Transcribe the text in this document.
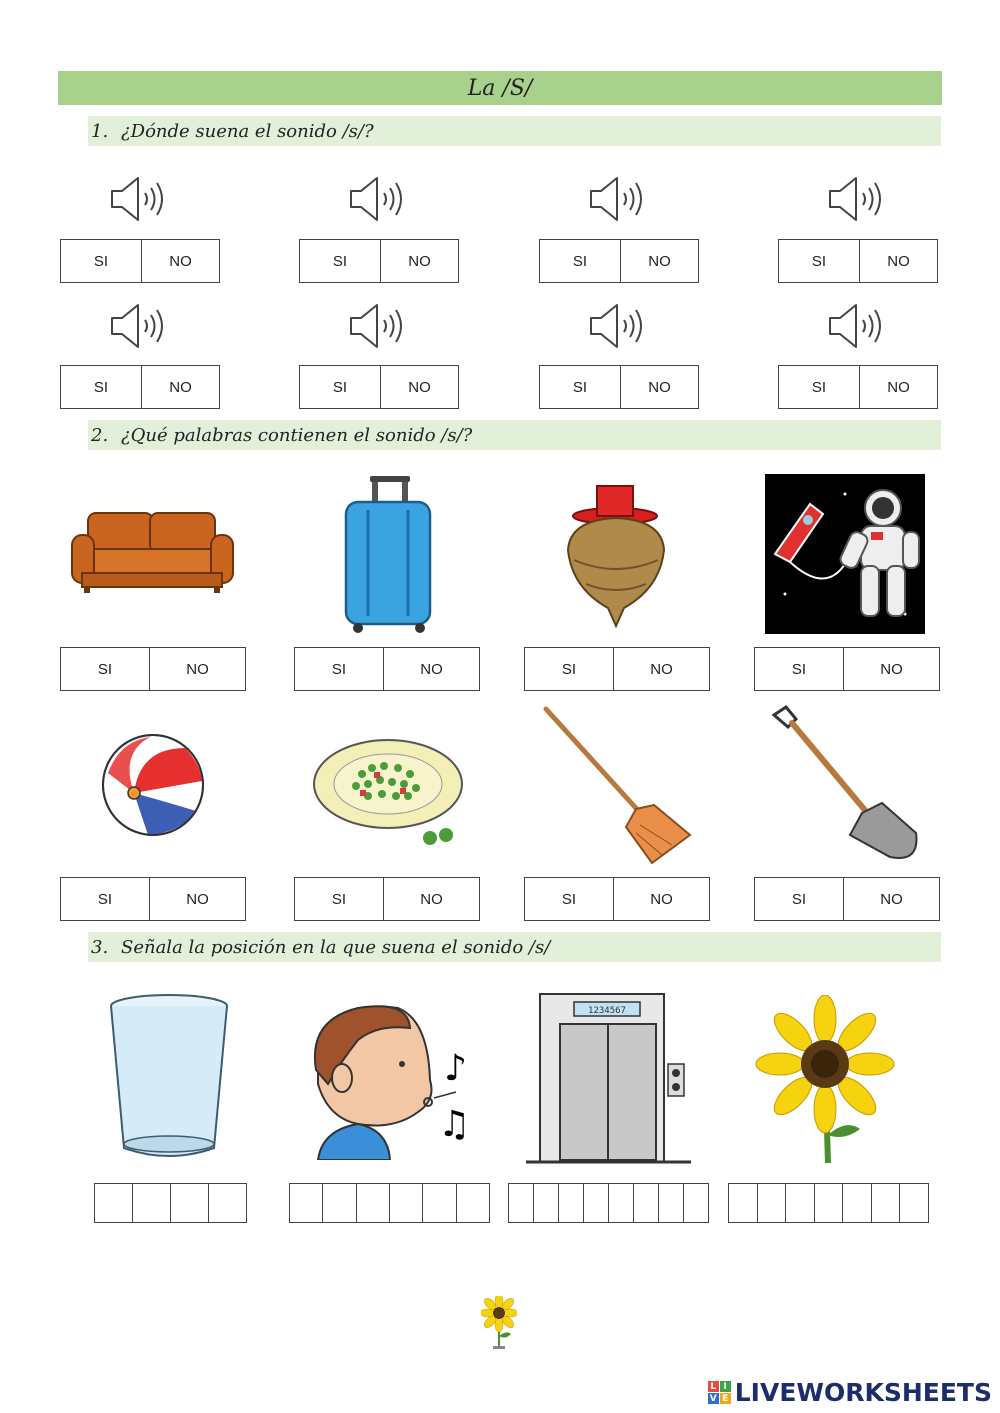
La /S/
1. ¿Dónde suena el sonido /s/?
SI	NO	SI	NO	SI	NO	SI	NO
SI	NO	SI	NO	SI	NO	SI	NO
2. ¿Qué palabras contienen el sonido /s/?
SI	NO	SI	NO	SI	NO	SI	NO
SI	NO	SI	NO	SI	NO	SI	NO
3. Señala la posición en la que suena el sonido /s/
♪
♫
1234567
L I
V E LIVEWORKSHEETS
